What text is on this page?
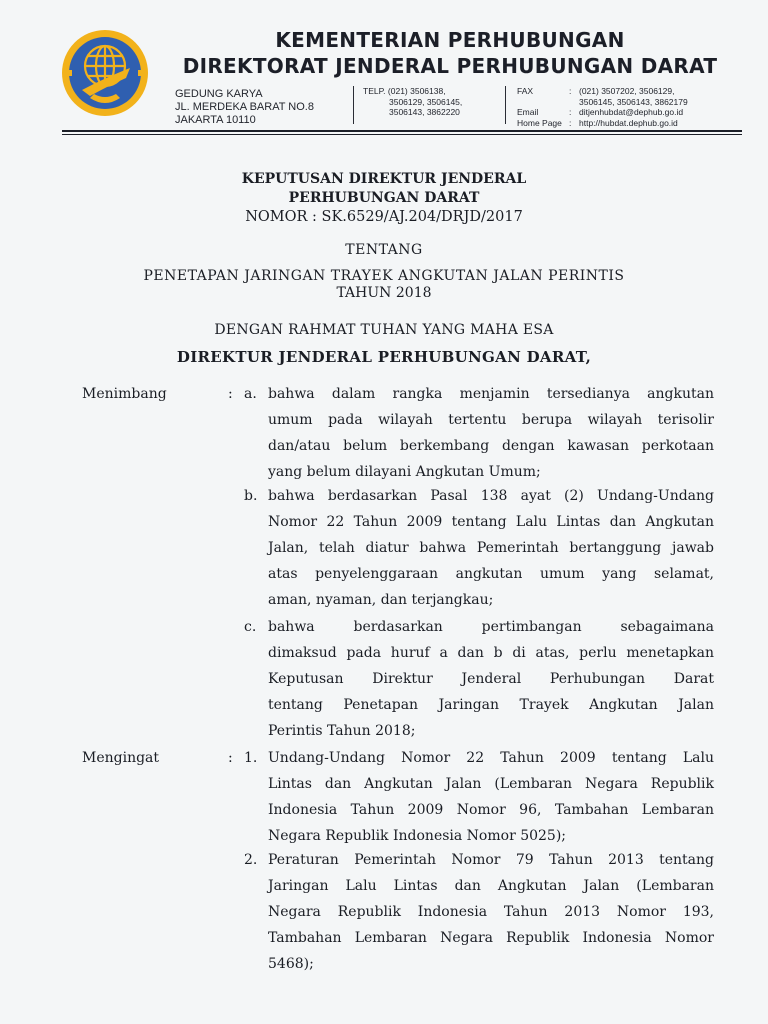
KEMENTERIAN PERHUBUNGAN
DIREKTORAT JENDERAL PERHUBUNGAN DARAT
GEDUNG KARYA
JL. MERDEKA BARAT NO.8
JAKARTA 10110
TELP. (021) 3506138,
3506129, 3506145,
3506143, 3862220
FAX	: (021) 3507202, 3506129,
3506145, 3506143, 3862179
Email	: ditjenhubdat@dephub.go.id
Home Page : http://hubdat.dephub.go.id
KEPUTUSAN DIREKTUR JENDERAL
PERHUBUNGAN DARAT
NOMOR : SK.6529/AJ.204/DRJD/2017
TENTANG
PENETAPAN JARINGAN TRAYEK ANGKUTAN JALAN PERINTIS
TAHUN 2018
DENGAN RAHMAT TUHAN YANG MAHA ESA
DIREKTUR JENDERAL PERHUBUNGAN DARAT,
Menimbang	: a. bahwa dalam rangka menjamin tersedianya angkutan
umum pada wilayah tertentu berupa wilayah terisolir
dan/atau belum berkembang dengan kawasan perkotaan
yang belum dilayani Angkutan Umum;
b. bahwa berdasarkan Pasal 138 ayat (2) Undang-Undang
Nomor 22 Tahun 2009 tentang Lalu Lintas dan Angkutan
Jalan, telah diatur bahwa Pemerintah bertanggung jawab
atas penyelenggaraan angkutan umum yang selamat,
aman, nyaman, dan terjangkau;
c. bahwa berdasarkan pertimbangan sebagaimana
dimaksud pada huruf a dan b di atas, perlu menetapkan
Keputusan Direktur Jenderal Perhubungan Darat
tentang Penetapan Jaringan Trayek Angkutan Jalan
Perintis Tahun 2018;
Mengingat	: 1. Undang-Undang Nomor 22 Tahun 2009 tentang Lalu
Lintas dan Angkutan Jalan (Lembaran Negara Republik
Indonesia Tahun 2009 Nomor 96, Tambahan Lembaran
Negara Republik Indonesia Nomor 5025);
2. Peraturan Pemerintah Nomor 79 Tahun 2013 tentang
Jaringan Lalu Lintas dan Angkutan Jalan (Lembaran
Negara Republik Indonesia Tahun 2013 Nomor 193,
Tambahan Lembaran Negara Republik Indonesia Nomor
5468);
